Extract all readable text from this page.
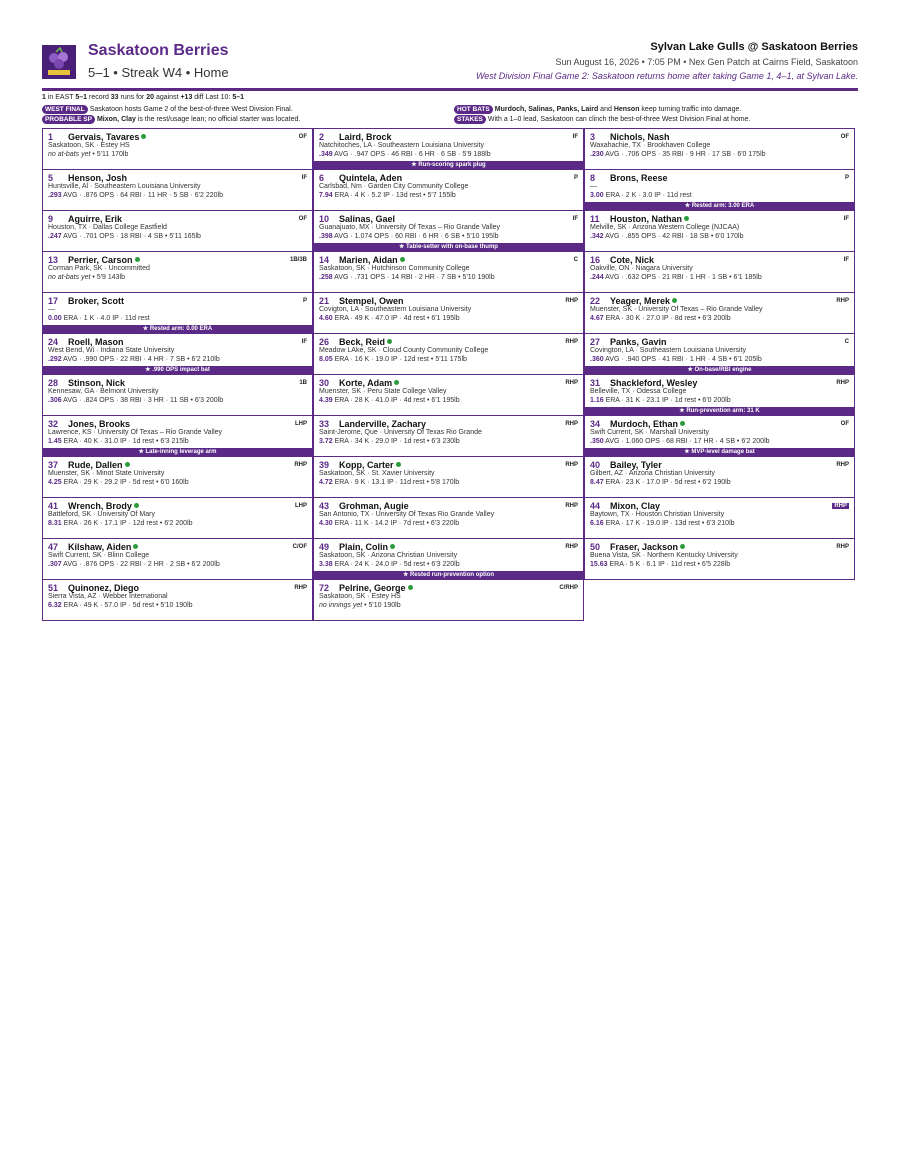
Saskatoon Berries
5–1 • Streak W4 • Home
Sylvan Lake Gulls @ Saskatoon Berries
Sun August 16, 2026 • 7:05 PM • Nex Gen Patch at Cairns Field, Saskatoon
West Division Final Game 2: Saskatoon returns home after taking Game 1, 4–1, at Sylvan Lake.
1 in EAST 5–1 record 33 runs for 20 against +13 diff Last 10: 5–1
WEST FINAL Saskatoon hosts Game 2 of the best-of-three West Division Final.
PROBABLE SP Mixon, Clay is the rest/usage lean; no official starter was located.
HOT BATS Murdoch, Salinas, Panks, Laird and Henson keep turning traffic into damage.
STAKES With a 1–0 lead, Saskatoon can clinch the best-of-three West Division Final at home.
1	Gervais, Tavares	OF
Saskatoon, SK · Estey HS
no at-bats yet • 5'11 170lb
2	Laird, Brock	IF
Natchitoches, LA · Southeastern Louisiana University
.349 AVG · .947 OPS · 46 RBI · 6 HR · 6 SB · 5'9 188lb
★ Run-scoring spark plug
3	Nichols, Nash	OF
Waxahachie, TX · Brookhaven College
.230 AVG · .706 OPS · 35 RBI · 9 HR · 17 SB · 6'0 175lb
5	Henson, Josh	IF
Huntsville, Al · Southeastern Louisiana University
.293 AVG · .876 OPS · 64 RBI · 11 HR · 5 SB · 6'2 220lb
6	Quintela, Aden	P
Carlsbad, Nm · Garden City Community College
7.94 ERA · 4 K · 5.2 IP · 13d rest • 5'7 155lb
8	Brons, Reese	P
—
3.00 ERA · 2 K · 3.0 IP · 11d rest
★ Rested arm: 3.00 ERA
9	Aguirre, Erik	OF
Houston, TX · Dallas College Eastfield
.247 AVG · .701 OPS · 18 RBI · 4 SB • 5'11 165lb
10	Salinas, Gael	IF
Guanajuato, MX · University Of Texas – Rio Grande Valley
.398 AVG · 1.074 OPS · 60 RBI · 6 HR · 6 SB • 5'10 195lb
★ Table-setter with on-base thump
11	Houston, Nathan	IF
Melville, SK · Arizona Western College (NJCAA)
.342 AVG · .855 OPS · 42 RBI · 18 SB • 6'0 170lb
13	Perrier, Carson	1B/3B
Corman Park, SK · Uncommitted
no at-bats yet • 5'9 143lb
14	Marien, Aidan	C
Saskatoon, SK · Hutchinson Community College
.258 AVG · .731 OPS · 14 RBI · 2 HR · 7 SB • 5'10 190lb
16	Cote, Nick	IF
Oakville, ON · Niagara University
.244 AVG · .632 OPS · 21 RBI · 1 HR · 1 SB • 6'1 185lb
17	Broker, Scott	P
—
0.00 ERA · 1 K · 4.0 IP · 11d rest
★ Rested arm: 0.00 ERA
21	Stempel, Owen	RHP
Covigton, LA · Southeastern Louisiana University
4.60 ERA · 49 K · 47.0 IP · 4d rest • 6'1 195lb
22	Yeager, Merek	RHP
Muenster, SK · University Of Texas – Rio Grande Valley
4.67 ERA · 30 K · 27.0 IP · 8d rest • 6'3 200lb
24	Roell, Mason	IF
West Bend, Wi · Indiana State University
.292 AVG · .990 OPS · 22 RBI · 4 HR · 7 SB • 6'2 210lb
★ .990 OPS impact bat
26	Beck, Reid	RHP
Meadow LAke, SK · Cloud County Community College
8.05 ERA · 16 K · 19.0 IP · 12d rest • 5'11 175lb
27	Panks, Gavin	C
Covington, LA · Southeastern Louisiana University
.360 AVG · .940 OPS · 41 RBI · 1 HR · 4 SB • 6'1 205lb
★ On-base/RBI engine
28	Stinson, Nick	1B
Kennesaw, GA · Belmont University
.306 AVG · .824 OPS · 38 RBI · 3 HR · 11 SB • 6'3 200lb
30	Korte, Adam	RHP
Muenster, SK · Peru State College Valley
4.39 ERA · 28 K · 41.0 IP · 4d rest • 6'1 195lb
31	Shackleford, Wesley	RHP
Belleville, TX · Odessa College
1.16 ERA · 31 K · 23.1 IP · 1d rest • 6'0 200lb
★ Run-prevention arm: 31 K
32	Jones, Brooks	LHP
Lawrence, KS · University Of Texas – Rio Grande Valley
1.45 ERA · 40 K · 31.0 IP · 1d rest • 6'3 215lb
★ Late-inning leverage arm
33	Landerville, Zachary	RHP
Saint-Jerome, Que · University Of Texas Rio Grande
3.72 ERA · 34 K · 29.0 IP · 1d rest • 6'3 230lb
34	Murdoch, Ethan	OF
Swift Current, SK · Marshall University
.350 AVG · 1.060 OPS · 68 RBI · 17 HR · 4 SB • 6'2 200lb
★ MVP-level damage bat
37	Rude, Dallen	RHP
Muenster, SK · Minot State University
4.25 ERA · 29 K · 29.2 IP · 5d rest • 6'0 160lb
39	Kopp, Carter	RHP
Saskatoon, SK · St. Xavier University
4.72 ERA · 9 K · 13.1 IP · 11d rest • 5'8 170lb
40	Bailey, Tyler	RHP
Gilbert, AZ · Arizona Christian University
8.47 ERA · 23 K · 17.0 IP · 5d rest • 6'2 190lb
41	Wrench, Brody	LHP
Battleford, SK · University Of Mary
8.31 ERA · 26 K · 17.1 IP · 12d rest • 6'2 200lb
43	Grohman, Augie	RHP
San Antonio, TX · University Of Texas Rio Grande Valley
4.30 ERA · 11 K · 14.2 IP · 7d rest • 6'3 220lb
44	Mixon, Clay	RHP
Baytown, TX · Houston Christian University
6.16 ERA · 17 K · 19.0 IP · 13d rest • 6'3 210lb
47	Kilshaw, Aiden	C/OF
Swift Current, SK · Blinn College
.307 AVG · .876 OPS · 22 RBI · 2 HR · 2 SB • 6'2 200lb
49	Plain, Colin	RHP
Saskatoon, SK · Arizona Christian University
3.38 ERA · 24 K · 24.0 IP · 5d rest • 6'3 220lb
★ Rested run-prevention option
50	Fraser, Jackson	RHP
Buena Vista, SK · Northern Kentucky University
15.63 ERA · 5 K · 6.1 IP · 11d rest • 6'5 228lb
51	Quinonez, Diego	RHP
Sierra Vista, AZ · Webber International
6.32 ERA · 49 K · 57.0 IP · 5d rest • 5'10 190lb
72	Pelrine, George	C/RHP
Saskatoon, SK · Estey HS
no innings yet • 5'10 190lb
